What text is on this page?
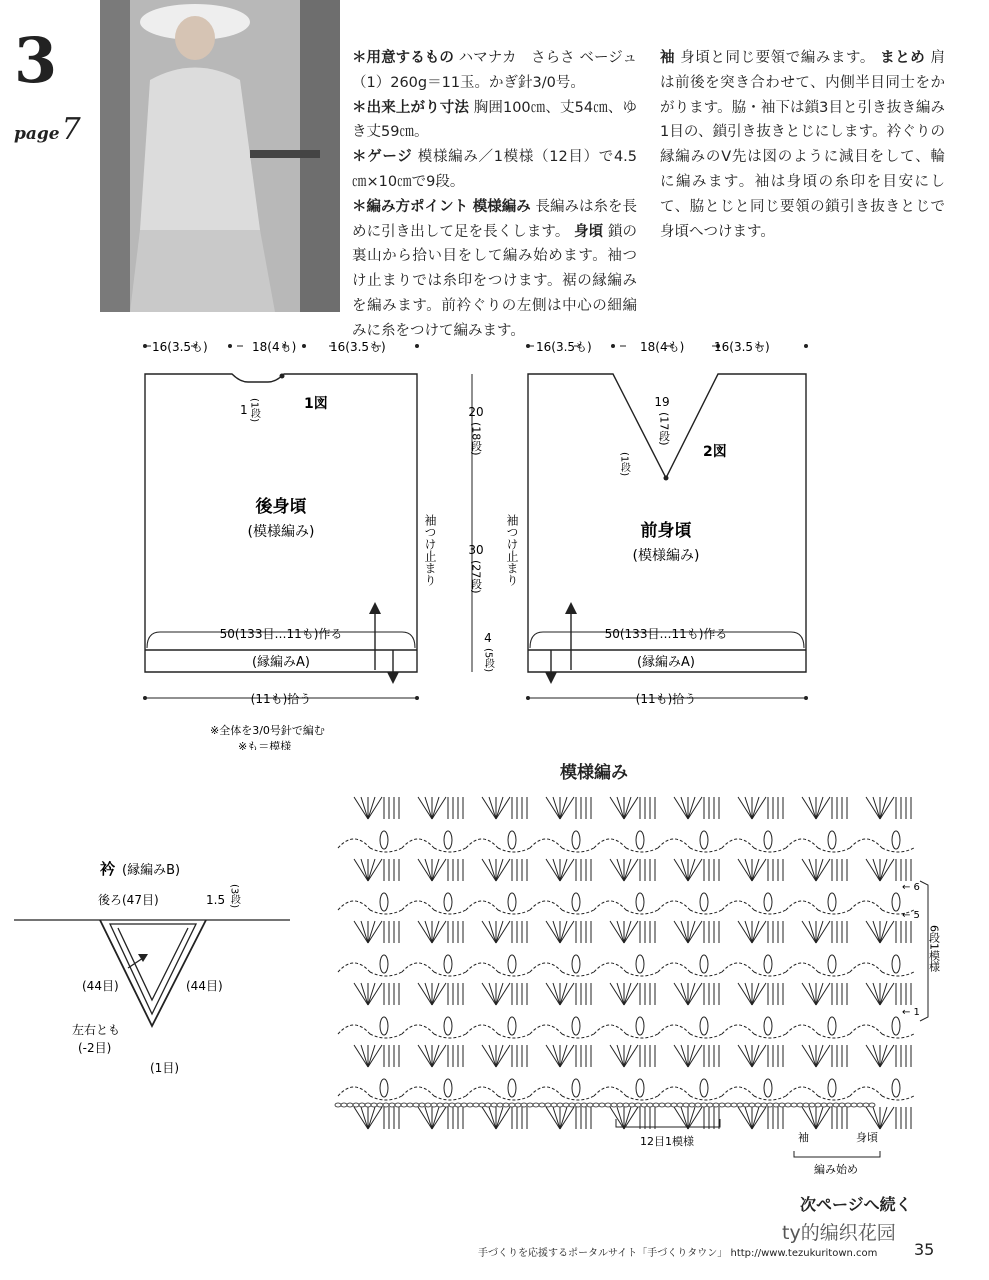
3
page7
＊用意するもの ハマナカ　さらさ ベージュ（1）260g＝11玉。かぎ針3/0号。
＊出来上がり寸法 胸囲100㎝、丈54㎝、ゆき丈59㎝。
＊ゲージ 模様編み／1模様（12目）で4.5㎝×10㎝で9段。
＊編み方ポイント 模様編み 長編みは糸を長めに引き出して足を長くします。 身頃 鎖の裏山から拾い目をして編み始めます。袖つけ止まりでは糸印をつけます。裾の縁編みを編みます。前衿ぐりの左側は中心の細編みに糸をつけて編みます。
袖 身頃と同じ要領で編みます。 まとめ 肩は前後を突き合わせて、内側半目同士をかがります。脇・袖下は鎖3目と引き抜き編み1目の、鎖引き抜きとじにします。衿ぐりの縁編みのV先は図のように減目をして、輪に編みます。袖は身頃の糸印を目安にして、脇とじと同じ要領の鎖引き抜きとじで身頃へつけます。
16(3.5も)	18(4も)	16(3.5も)	16(3.5も)	18(4も) 16(3.5も)
1図
1 (1段)
後身頃
(模様編み)
50(133目…11も)作る
(縁編みA)
(11も)拾う
袖つけ止まり
20
(18段)
30
(27段)
4
(5段)
袖つけ止まり
19
(17段)
(1段)	2図
前身頃
(模様編み)
50(133目…11も)作る
(縁編みA)
(11も)拾う
※全体を3/0号針で編む
※も＝模様
衿 (縁編みB)
後ろ(47目)	1.5 (3段)
(44目)	(44目)
左右とも
(-2目)
(1目)
模様編み
← 6
← 5
← 1
6段1模様
12目1模様	袖	身頃
編み始め
次ページへ続く
ty的编织花园
手づくりを応援するポータルサイト「手づくりタウン」 http://www.tezukuritown.com 35
